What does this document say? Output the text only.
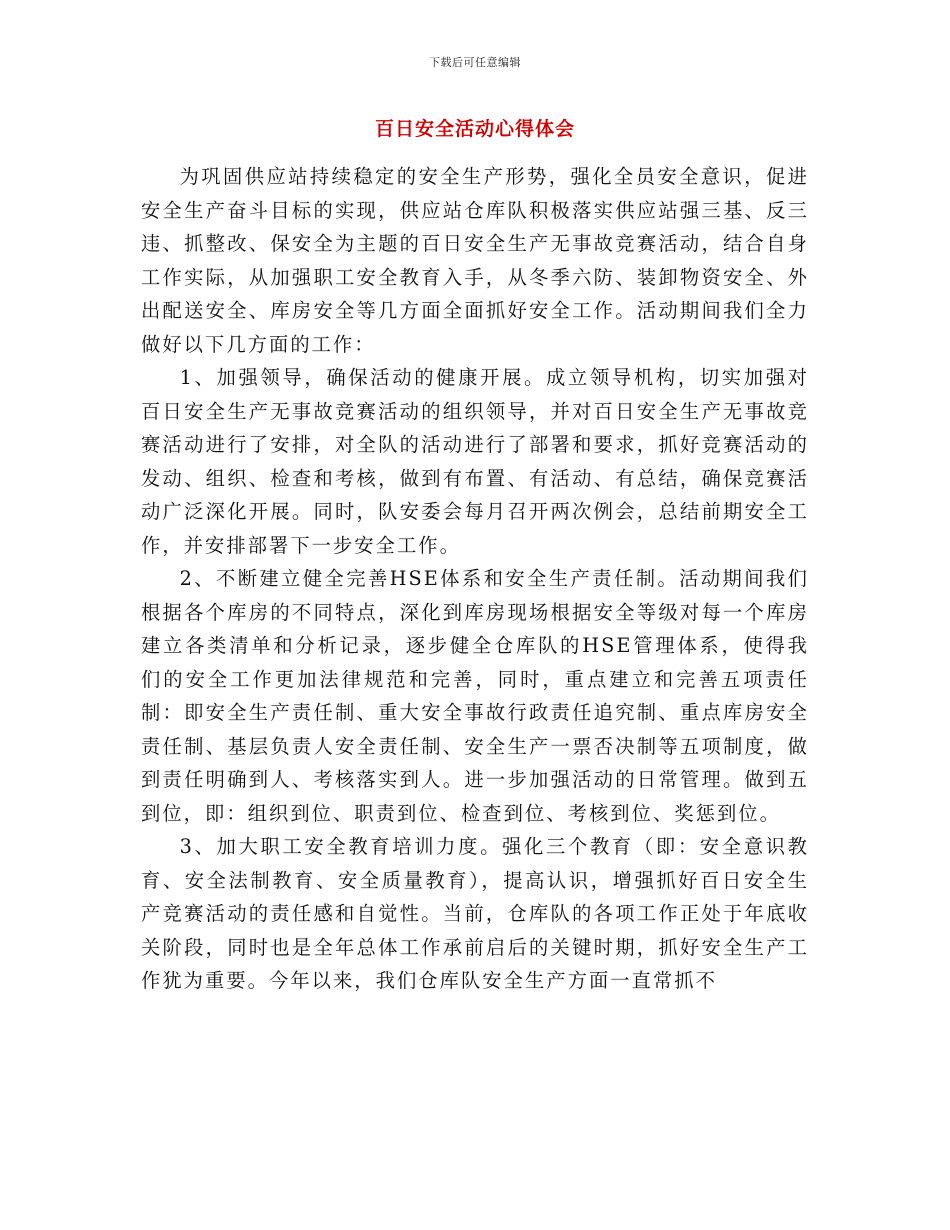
下载后可任意编辑
百日安全活动心得体会

为巩固供应站持续稳定的安全生产形势，强化全员安全意识，促进安全生产奋斗目标的实现，供应站仓库队积极落实供应站强三基、反三违、抓整改、保安全为主题的百日安全生产无事故竞赛活动，结合自身工作实际，从加强职工安全教育入手，从冬季六防、装卸物资安全、外出配送安全、库房安全等几方面全面抓好安全工作。活动期间我们全力做好以下几方面的工作：

1、加强领导，确保活动的健康开展。成立领导机构，切实加强对百日安全生产无事故竞赛活动的组织领导，并对百日安全生产无事故竞赛活动进行了安排，对全队的活动进行了部署和要求，抓好竞赛活动的发动、组织、检查和考核，做到有布置、有活动、有总结，确保竞赛活动广泛深化开展。同时，队安委会每月召开两次例会，总结前期安全工作，并安排部署下一步安全工作。

2、不断建立健全完善HSE体系和安全生产责任制。活动期间我们根据各个库房的不同特点，深化到库房现场根据安全等级对每一个库房建立各类清单和分析记录，逐步健全仓库队的HSE管理体系，使得我们的安全工作更加法律规范和完善，同时，重点建立和完善五项责任制：即安全生产责任制、重大安全事故行政责任追究制、重点库房安全责任制、基层负责人安全责任制、安全生产一票否决制等五项制度，做到责任明确到人、考核落实到人。进一步加强活动的日常管理。做到五到位，即：组织到位、职责到位、检查到位、考核到位、奖惩到位。

3、加大职工安全教育培训力度。强化三个教育（即：安全意识教育、安全法制教育、安全质量教育），提高认识，增强抓好百日安全生产竞赛活动的责任感和自觉性。当前，仓库队的各项工作正处于年底收关阶段，同时也是全年总体工作承前启后的关键时期，抓好安全生产工作犹为重要。今年以来，我们仓库队安全生产方面一直常抓不
